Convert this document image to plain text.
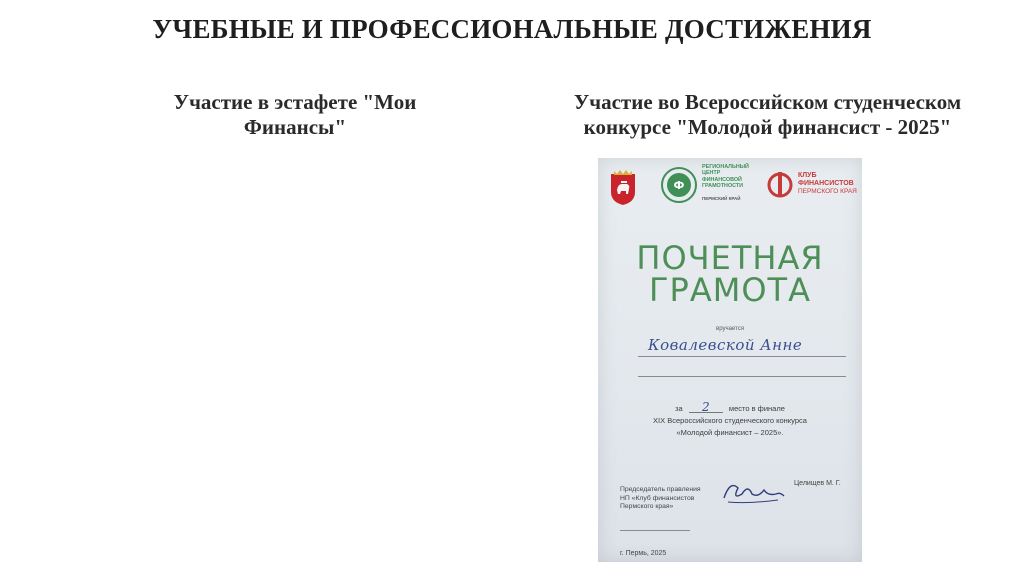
УЧЕБНЫЕ И ПРОФЕССИОНАЛЬНЫЕ ДОСТИЖЕНИЯ
Участие в эстафете "Мои
Финансы"
Участие во Всероссийском студенческом
конкурсе "Молодой финансист - 2025"
Ф
РЕГИОНАЛЬНЫЙ
ЦЕНТР
ФИНАНСОВОЙ
ГРАМОТНОСТИ
ПЕРМСКИЙ КРАЙ
КЛУБ
ФИНАНСИСТОВ
ПЕРМСКОГО КРАЯ
ПОЧЕТНАЯ
ГРАМОТА
вручается
Ковалевской Анне
за 2	место в финале
XIX Всероссийского студенческого конкурса
«Молодой финансист – 2025».
Председатель правления
НП «Клуб финансистов
Пермского края»
Целищев М. Г.
г. Пермь, 2025
